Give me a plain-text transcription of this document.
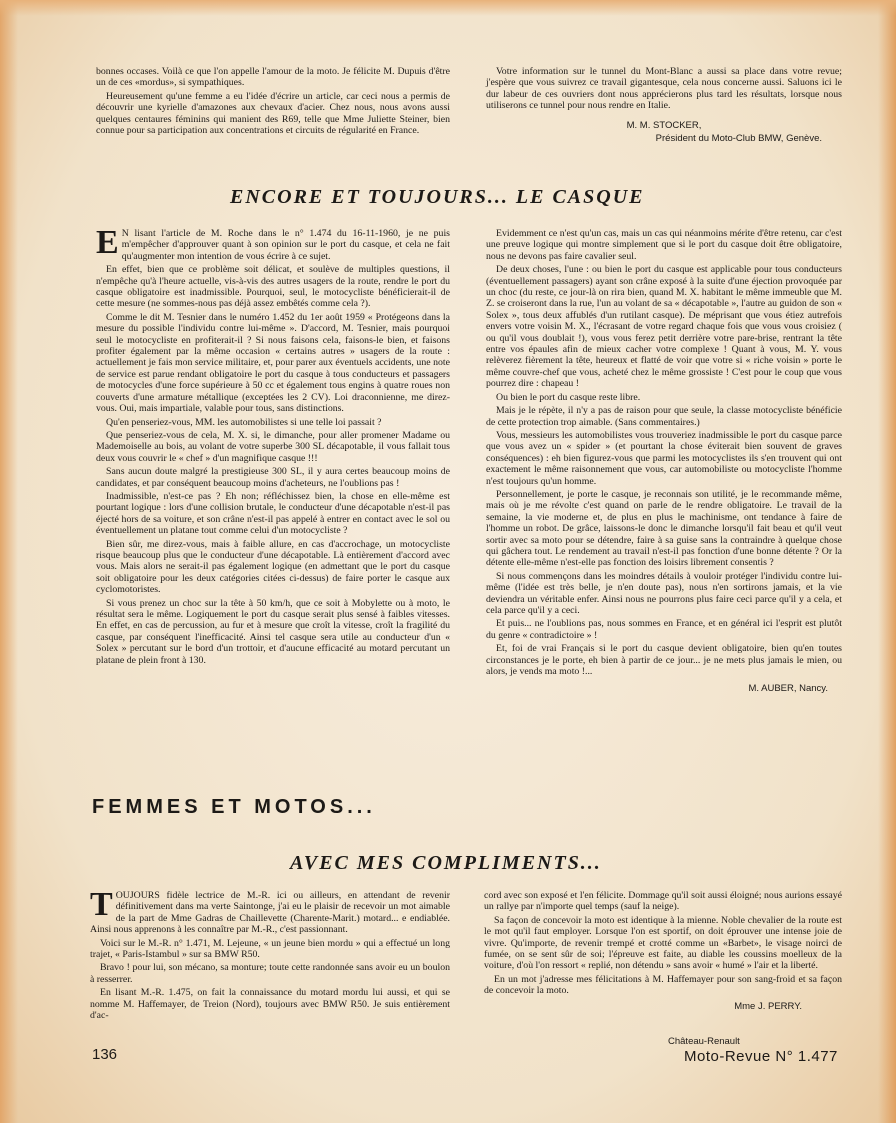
bonnes occases. Voilà ce que l'on appelle l'amour de la moto. Je félicite M. Dupuis d'être un de ces «mordus», si sympathiques.

Heureusement qu'une femme a eu l'idée d'écrire un article, car ceci nous a permis de découvrir une kyrielle d'amazones aux chevaux d'acier. Chez nous, nous avons aussi quelques centaures féminins qui manient des R69, telle que Mme Juliette Steiner, bien connue pour sa participation aux concentrations et circuits de régularité en France.

Votre information sur le tunnel du Mont-Blanc a aussi sa place dans votre revue; j'espère que vous suivrez ce travail gigantesque, cela nous concerne aussi. Saluons ici le dur labeur de ces ouvriers dont nous apprécierons plus tard les résultats, lorsque nous utiliserons ce tunnel pour nous rendre en Italie.

M. M. STOCKER,
Président du Moto-Club BMW, Genève.
ENCORE ET TOUJOURS... LE CASQUE

E N lisant l'article de M. Roche dans le n° 1.474 du 16-11-1960, je ne puis m'empêcher d'approuver quant à son opinion sur le port du casque, et cela ne fait qu'augmenter mon intention de vous écrire à ce sujet.

En effet, bien que ce problème soit délicat, et soulève de multiples questions, il n'empêche qu'à l'heure actuelle, vis-à-vis des autres usagers de la route, rendre le port du casque obligatoire est inadmissible. Pourquoi, seul, le motocycliste bénéficierait-il de cette mesure (ne sommes-nous pas déjà assez embêtés comme cela ?).

Comme le dit M. Tesnier dans le numéro 1.452 du 1er août 1959 « Protégeons dans la mesure du possible l'individu contre lui-même ». D'accord, M. Tesnier, mais pourquoi seul le motocycliste en profiterait-il ? Si nous faisons cela, faisons-le bien, et faisons profiter également par la même occasion « certains autres » usagers de la route : actuellement je fais mon service militaire, et, pour parer aux éventuels accidents, une note de service est parue rendant obligatoire le port du casque à tous conducteurs et passagers de motocycles d'une force supérieure à 50 cc et également tous engins à quatre roues non couverts d'une armature métallique (exceptées les 2 CV). Loi draconnienne, me direz-vous. Oui, mais impartiale, valable pour tous, sans distinctions.

Qu'en penseriez-vous, MM. les automobilistes si une telle loi passait ?

Que penseriez-vous de cela, M. X. si, le dimanche, pour aller promener Madame ou Mademoiselle au bois, au volant de votre superbe 300 SL décapotable, il vous fallait tous deux vous couvrir le « chef » d'un magnifique casque !!!

Sans aucun doute malgré la prestigieuse 300 SL, il y aura certes beaucoup moins de candidates, et par conséquent beaucoup moins d'acheteurs, ne l'oublions pas !

Inadmissible, n'est-ce pas ? Eh non; réfléchissez bien, la chose en elle-même est pourtant logique : lors d'une collision brutale, le conducteur d'une décapotable n'est-il pas éjecté hors de sa voiture, et son crâne n'est-il pas appelé à entrer en contact avec le sol ou éventuellement un platane tout comme celui d'un motocycliste ?

Bien sûr, me direz-vous, mais à faible allure, en cas d'accrochage, un motocycliste risque beaucoup plus que le conducteur d'une décapotable. Là entièrement d'accord avec vous. Mais alors ne serait-il pas également logique (en admettant que le port du casque soit obligatoire pour les deux catégories citées ci-dessus) de faire porter le casque aux cyclomotoristes.

Si vous prenez un choc sur la tête à 50 km/h, que ce soit à Mobylette ou à moto, le résultat sera le même. Logiquement le port du casque serait plus sensé à faibles vitesses. En effet, en cas de percussion, au fur et à mesure que croît la vitesse, croît la fragilité du casque, par conséquent l'inefficacité. Ainsi tel casque sera utile au conducteur d'un « Solex » percutant sur le bord d'un trottoir, et d'aucune efficacité au motard percutant un platane de plein front à 130.

Evidemment ce n'est qu'un cas, mais un cas qui néanmoins mérite d'être retenu, car c'est une preuve logique qui montre simplement que si le port du casque doit être obligatoire, nous ne devons pas faire cavalier seul.

De deux choses, l'une : ou bien le port du casque est applicable pour tous conducteurs (éventuellement passagers) ayant son crâne exposé à la suite d'une éjection provoquée par un choc (du reste, ce jour-là on rira bien, quand M. X. habitant le même immeuble que M. Z. se croiseront dans la rue, l'un au volant de sa « décapotable », l'autre au guidon de son « Solex », tous deux affublés d'un rutilant casque). De méprisant que vous étiez autrefois envers votre voisin M. X., l'écrasant de votre regard chaque fois que vous vous croisiez ( ou qu'il vous doublait !), vous vous ferez petit derrière votre pare-brise, rentrant la tête entre vos épaules afin de mieux cacher votre complexe ! Quant à vous, M. Y. vous relèverez fièrement la tête, heureux et flatté de voir que votre si « riche voisin » porte le même couvre-chef que vous, acheté chez le même grossiste ! C'est pour le coup que vous pourrez dire : chapeau !

Ou bien le port du casque reste libre.

Mais je le répète, il n'y a pas de raison pour que seule, la classe motocycliste bénéficie de cette protection trop aimable. (Sans commentaires.)

Vous, messieurs les automobilistes vous trouveriez inadmissible le port du casque parce que vous avez un « spider » (et pourtant la chose éviterait bien souvent de graves conséquences) : eh bien figurez-vous que parmi les motocyclistes ils s'en trouvent qui ont exactement le même raisonnement que vous, car automobiliste ou motocycliste l'homme n'est toujours qu'un homme.

Personnellement, je porte le casque, je reconnais son utilité, je le recommande même, mais où je me révolte c'est quand on parle de le rendre obligatoire. Le travail de la semaine, la vie moderne et, de plus en plus le machinisme, ont tendance à faire de l'homme un robot. De grâce, laissons-le donc le dimanche lorsqu'il fait beau et qu'il veut sortir avec sa moto pour se détendre, faire à sa guise sans la contraindre à quelque chose qui gâchera tout. Le rendement au travail n'est-il pas fonction d'une bonne détente ? Or la détente elle-même n'est-elle pas fonction des loisirs librement consentis ?

Si nous commençons dans les moindres détails à vouloir protéger l'individu contre lui-même (l'idée est très belle, je n'en doute pas), nous n'en sortirons jamais, et la vie deviendra un véritable enfer. Ainsi nous ne pourrons plus faire ceci parce qu'il y a cela, et cela parce qu'il y a ceci.

Et puis... ne l'oublions pas, nous sommes en France, et en général ici l'esprit est plutôt du genre « contradictoire » !

Et, foi de vrai Français si le port du casque devient obligatoire, bien qu'en toutes circonstances je le porte, eh bien à partir de ce jour... je ne mets plus jamais le mien, ou alors, je vends ma moto !...

M. AUBER, Nancy.
FEMMES ET MOTOS...
AVEC MES COMPLIMENTS...

TOUJOURS fidèle lectrice de M.-R. ici ou ailleurs, en attendant de revenir définitivement dans ma verte Saintonge, j'ai eu le plaisir de recevoir un mot aimable de la part de Mme Gadras de Chaillevette (Charente-Marit.) motard... e endiablée. Ainsi nous apprenons à les connaître par M.-R., c'est passionnant.

Voici sur le M.-R. n° 1.471, M. Lejeune, « un jeune bien mordu » qui a effectué un long trajet, « Paris-Istambul » sur sa BMW R50.

Bravo ! pour lui, son mécano, sa monture; toute cette randonnée sans avoir eu un boulon à resserrer.

En lisant M.-R. 1.475, on fait la connaissance du motard mordu lui aussi, et qui se nomme M. Haffemayer, de Treion (Nord), toujours avec BMW R50. Je suis entièrement d'ac-

cord avec son exposé et l'en félicite. Dommage qu'il soit aussi éloigné; nous aurions essayé un rallye par n'importe quel temps (sauf la neige).

Sa façon de concevoir la moto est identique à la mienne. Noble chevalier de la route est le mot qu'il faut employer. Lorsque l'on est sportif, on doit éprouver une intense joie de vivre. Qu'importe, de revenir trempé et crotté comme un «Barbet», le visage noirci de fumée, on se sent sûr de soi; l'épreuve est faite, au diable les coussins moelleux de la voiture, d'où l'on ressort « replié, non détendu » sans avoir « humé » l'air et la liberté.

En un mot j'adresse mes félicitations à M. Haffemayer pour son sang-froid et sa façon de concevoir la moto.

Mme J. PERRY.
Château-Renault
136	Moto-Revue N° 1.477
